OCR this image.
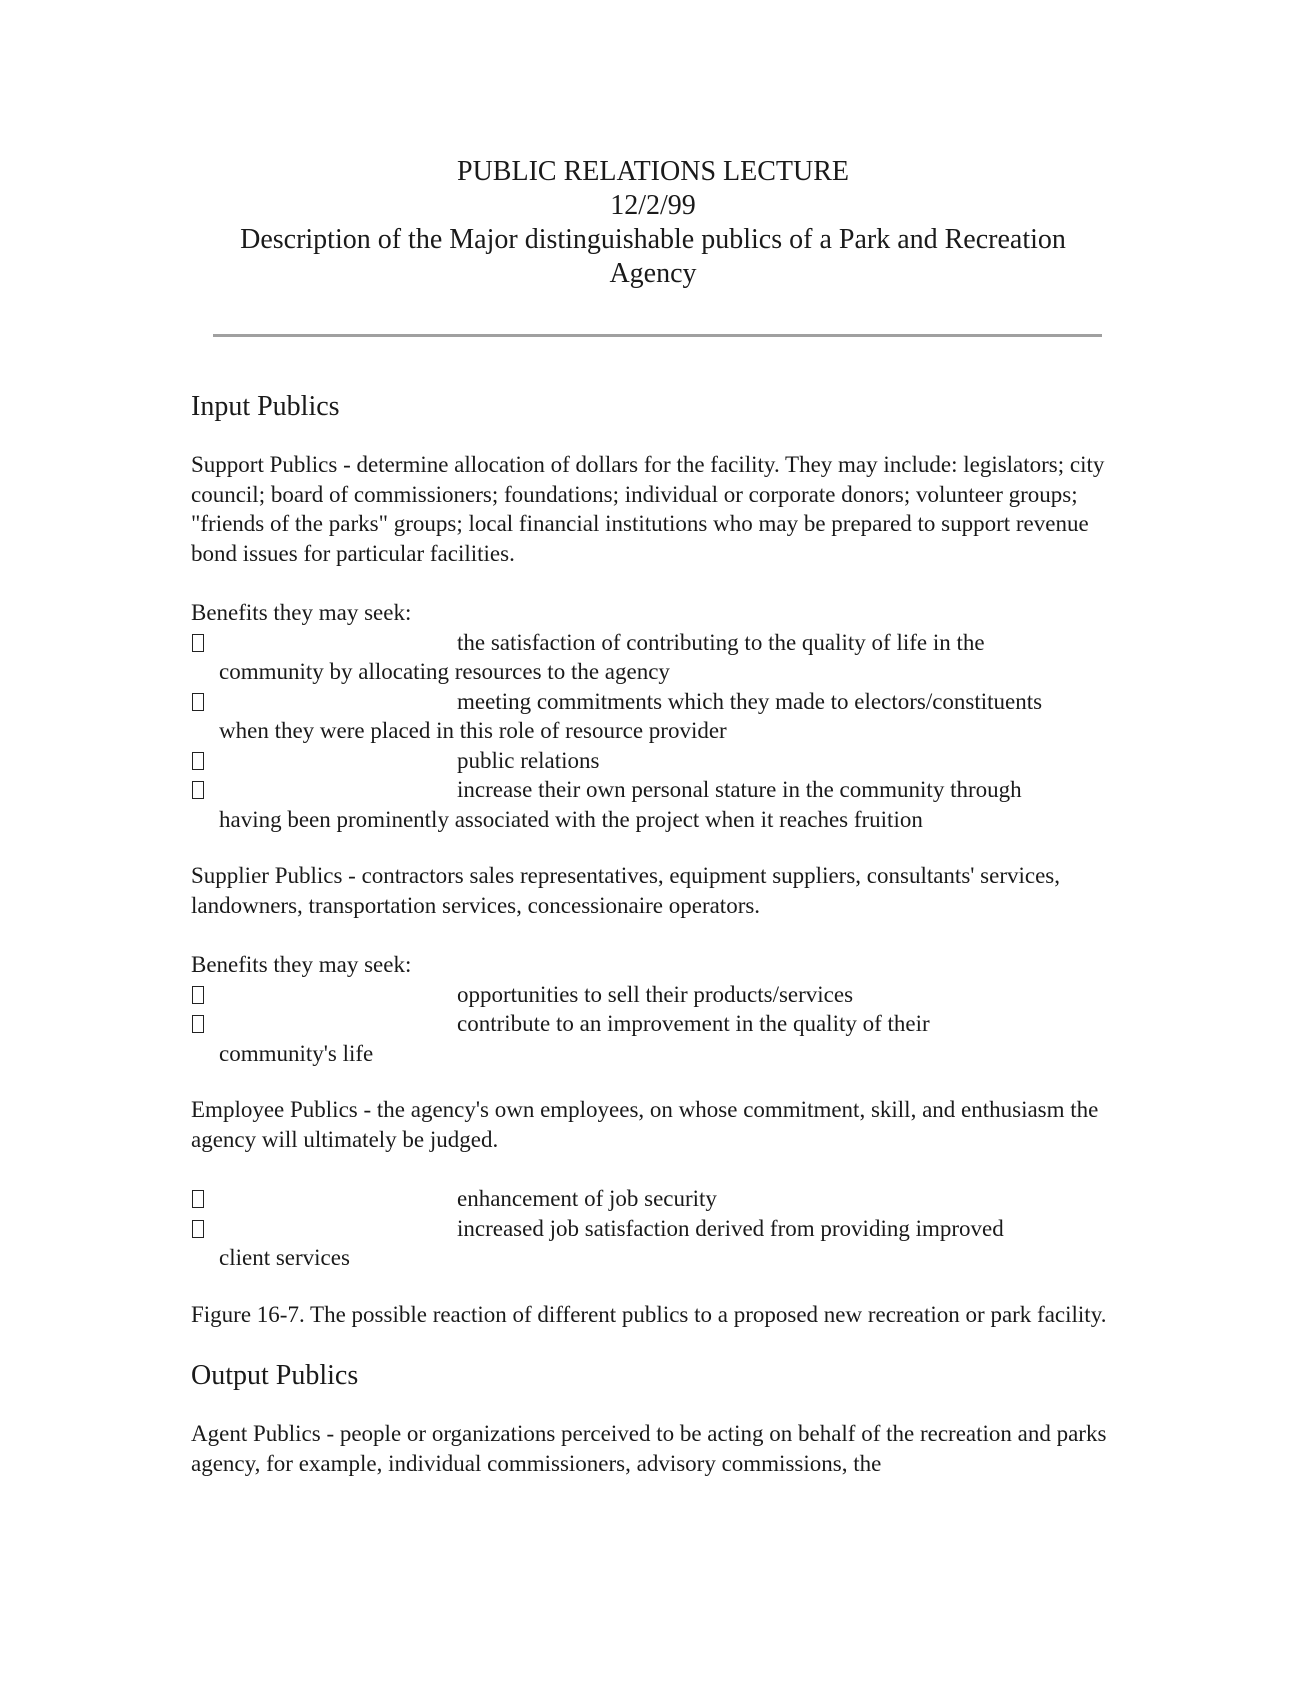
PUBLIC RELATIONS LECTURE
12/2/99
Description of the Major distinguishable publics of a Park and Recreation
Agency
Input Publics

Support Publics - determine allocation of dollars for the facility. They may include: legislators; city council; board of commissioners; foundations; individual or corporate donors; volunteer groups; "friends of the parks" groups; local financial institutions who may be prepared to support revenue bond issues for particular facilities.

Benefits they may seek:

the satisfaction of contributing to the quality of life in the
community by allocating resources to the agency
meeting commitments which they made to electors/constituents
when they were placed in this role of resource provider
public relations
increase their own personal stature in the community through
having been prominently associated with the project when it reaches fruition

Supplier Publics - contractors sales representatives, equipment suppliers, consultants' services, landowners, transportation services, concessionaire operators.

Benefits they may seek:

opportunities to sell their products/services
contribute to an improvement in the quality of their
community's life

Employee Publics - the agency's own employees, on whose commitment, skill, and enthusiasm the agency will ultimately be judged.

enhancement of job security
increased job satisfaction derived from providing improved
client services

Figure 16-7. The possible reaction of different publics to a proposed new recreation or park facility.

Output Publics

Agent Publics - people or organizations perceived to be acting on behalf of the recreation and parks agency, for example, individual commissioners, advisory commissions, the
